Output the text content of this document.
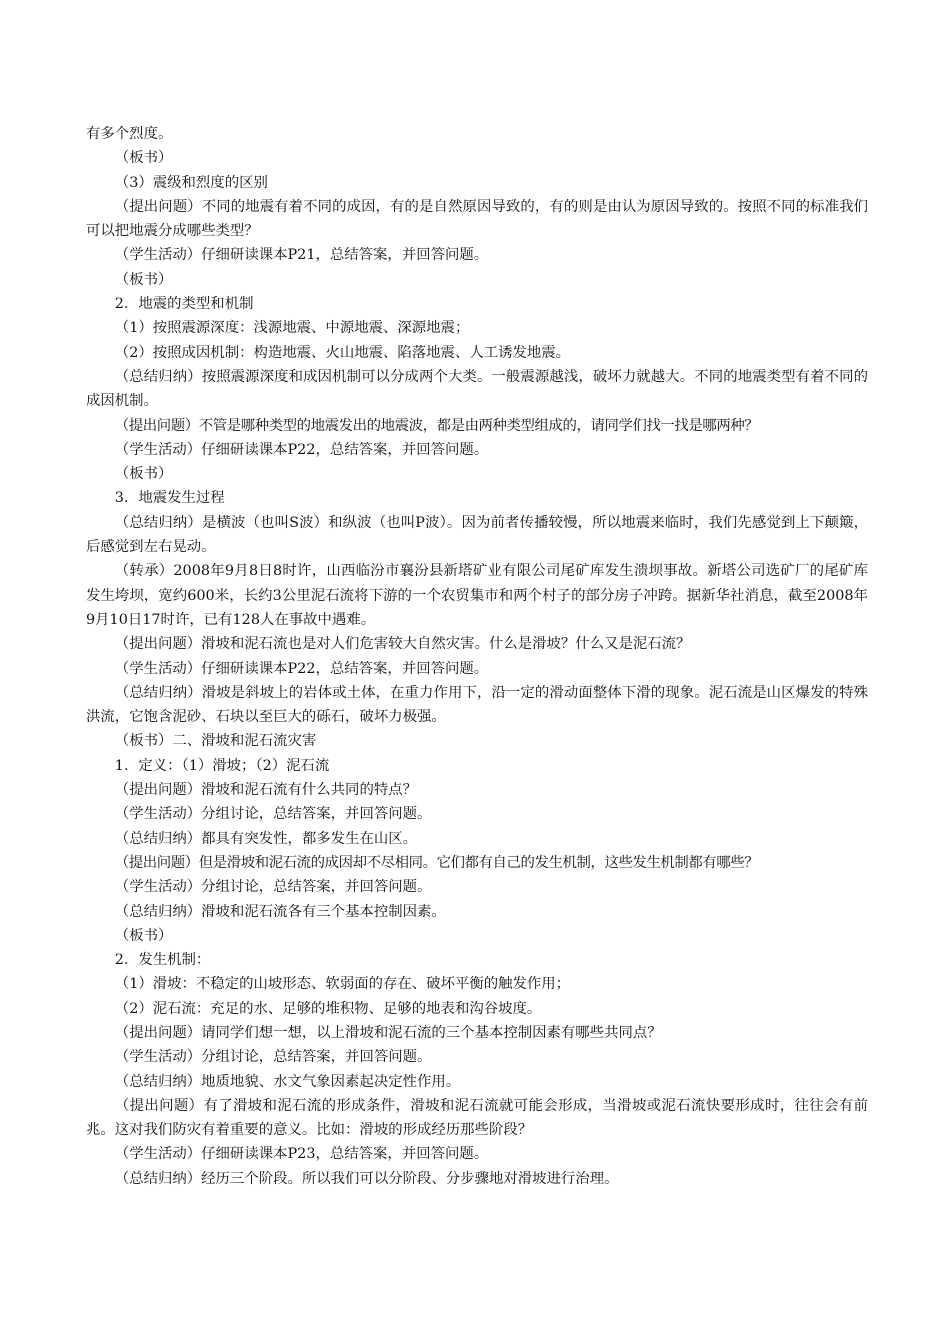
有多个烈度。

（板书）

（3）震级和烈度的区别

（提出问题）不同的地震有着不同的成因，有的是自然原因导致的，有的则是由认为原因导致的。按照不同的标准我们可以把地震分成哪些类型？

（学生活动）仔细研读课本P21，总结答案，并回答问题。

（板书）

2．地震的类型和机制

（1）按照震源深度：浅源地震、中源地震、深源地震；

（2）按照成因机制：构造地震、火山地震、陷落地震、人工诱发地震。

（总结归纳）按照震源深度和成因机制可以分成两个大类。一般震源越浅，破坏力就越大。不同的地震类型有着不同的成因机制。

（提出问题）不管是哪种类型的地震发出的地震波，都是由两种类型组成的，请同学们找一找是哪两种？

（学生活动）仔细研读课本P22，总结答案，并回答问题。

（板书）

3．地震发生过程

（总结归纳）是横波（也叫S波）和纵波（也叫P波）。因为前者传播较慢，所以地震来临时，我们先感觉到上下颠簸，后感觉到左右晃动。

（转承）2008年9月8日8时许，山西临汾市襄汾县新塔矿业有限公司尾矿库发生溃坝事故。新塔公司选矿厂的尾矿库发生垮坝，宽约600米，长约3公里泥石流将下游的一个农贸集市和两个村子的部分房子冲跨。据新华社消息，截至2008年9月10日17时许，已有128人在事故中遇难。

（提出问题）滑坡和泥石流也是对人们危害较大自然灾害。什么是滑坡？什么又是泥石流？

（学生活动）仔细研读课本P22，总结答案，并回答问题。

（总结归纳）滑坡是斜坡上的岩体或土体，在重力作用下，沿一定的滑动面整体下滑的现象。泥石流是山区爆发的特殊洪流，它饱含泥砂、石块以至巨大的砾石，破坏力极强。

（板书）二、滑坡和泥石流灾害

1．定义：（1）滑坡；（2）泥石流

（提出问题）滑坡和泥石流有什么共同的特点？

（学生活动）分组讨论，总结答案，并回答问题。

（总结归纳）都具有突发性，都多发生在山区。

（提出问题）但是滑坡和泥石流的成因却不尽相同。它们都有自己的发生机制，这些发生机制都有哪些？

（学生活动）分组讨论，总结答案，并回答问题。

（总结归纳）滑坡和泥石流各有三个基本控制因素。

（板书）

2．发生机制：

（1）滑坡：不稳定的山坡形态、软弱面的存在、破坏平衡的触发作用；

（2）泥石流：充足的水、足够的堆积物、足够的地表和沟谷坡度。

（提出问题）请同学们想一想，以上滑坡和泥石流的三个基本控制因素有哪些共同点？

（学生活动）分组讨论，总结答案，并回答问题。

（总结归纳）地质地貌、水文气象因素起决定性作用。

（提出问题）有了滑坡和泥石流的形成条件，滑坡和泥石流就可能会形成，当滑坡或泥石流快要形成时，往往会有前兆。这对我们防灾有着重要的意义。比如：滑坡的形成经历那些阶段？

（学生活动）仔细研读课本P23，总结答案，并回答问题。

（总结归纳）经历三个阶段。所以我们可以分阶段、分步骤地对滑坡进行治理。
